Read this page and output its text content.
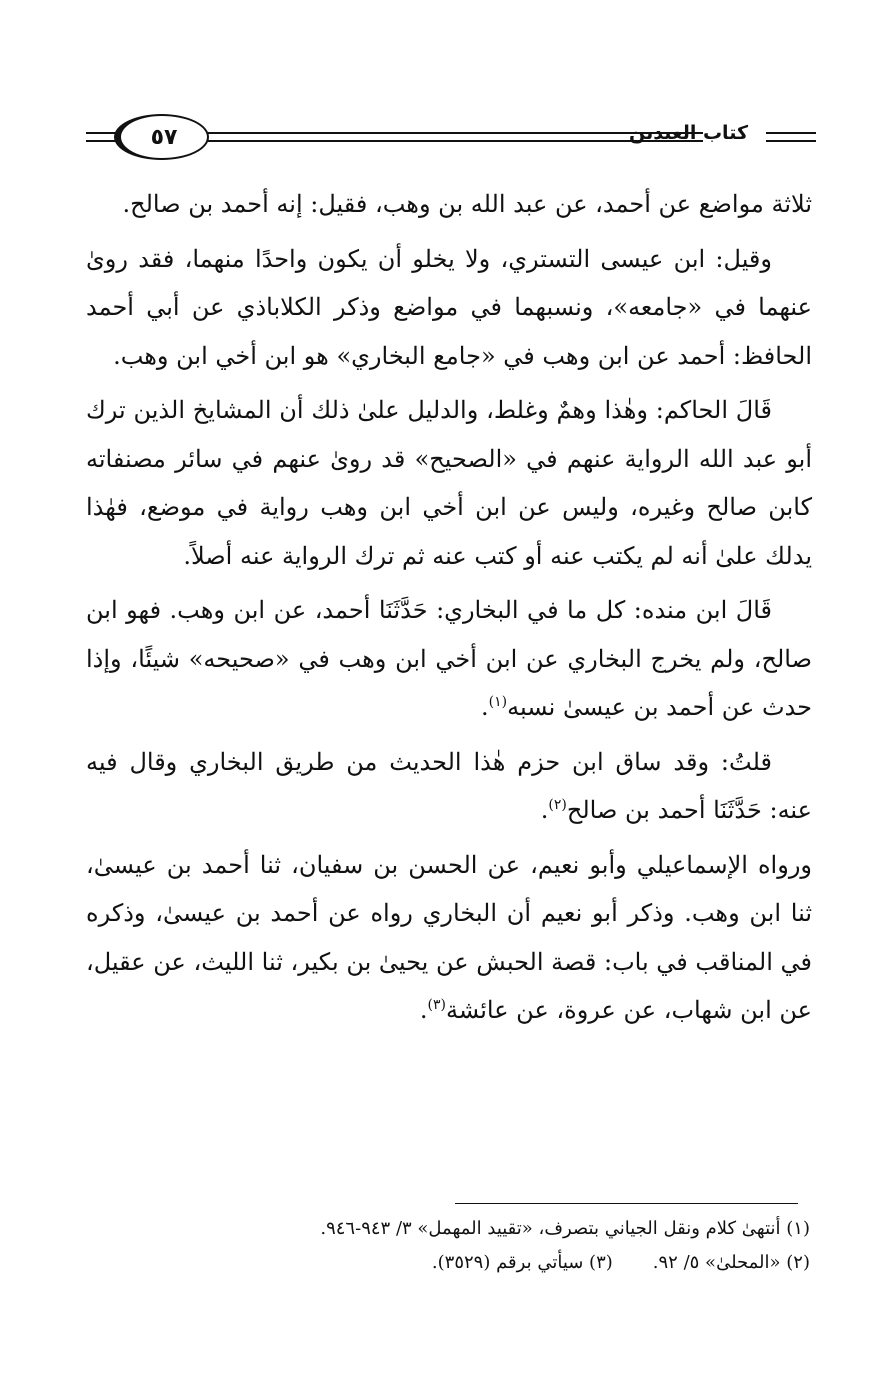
٥٧	كتاب العيدين

ثلاثة مواضع عن أحمد، عن عبد الله بن وهب، فقيل: إنه أحمد بن صالح.

وقيل: ابن عيسى التستري، ولا يخلو أن يكون واحدًا منهما، فقد روىٰ عنهما في «جامعه»، ونسبهما في مواضع وذكر الكلاباذي عن أبي أحمد الحافظ: أحمد عن ابن وهب في «جامع البخاري» هو ابن أخي ابن وهب.

قَالَ الحاكم: وهٰذا وهمٌ وغلط، والدليل علىٰ ذلك أن المشايخ الذين ترك أبو عبد الله الرواية عنهم في «الصحيح» قد روىٰ عنهم في سائر مصنفاته كابن صالح وغيره، وليس عن ابن أخي ابن وهب رواية في موضع، فهٰذا يدلك علىٰ أنه لم يكتب عنه أو كتب عنه ثم ترك الرواية عنه أصلاً.

قَالَ ابن منده: كل ما في البخاري: حَدَّثَنَا أحمد، عن ابن وهب. فهو ابن صالح، ولم يخرج البخاري عن ابن أخي ابن وهب في «صحيحه» شيئًا، وإذا حدث عن أحمد بن عيسىٰ نسبه$^{(١)}$.

قلتُ: وقد ساق ابن حزم هٰذا الحديث من طريق البخاري وقال فيه عنه: حَدَّثَنَا أحمد بن صالح$^{(٢)}$.

ورواه الإسماعيلي وأبو نعيم، عن الحسن بن سفيان، ثنا أحمد بن عيسىٰ، ثنا ابن وهب. وذكر أبو نعيم أن البخاري رواه عن أحمد بن عيسىٰ، وذكره في المناقب في باب: قصة الحبش عن يحيىٰ بن بكير، ثنا الليث، عن عقيل، عن ابن شهاب، عن عروة، عن عائشة$^{(٣)}$.

(١) أنتهىٰ كلام ونقل الجياني بتصرف، «تقييد المهمل» ٣/ ٩٤٣-٩٤٦.
(٢) «المحلىٰ» ٥/ ٩٢.
(٣) سيأتي برقم (٣٥٢٩).
